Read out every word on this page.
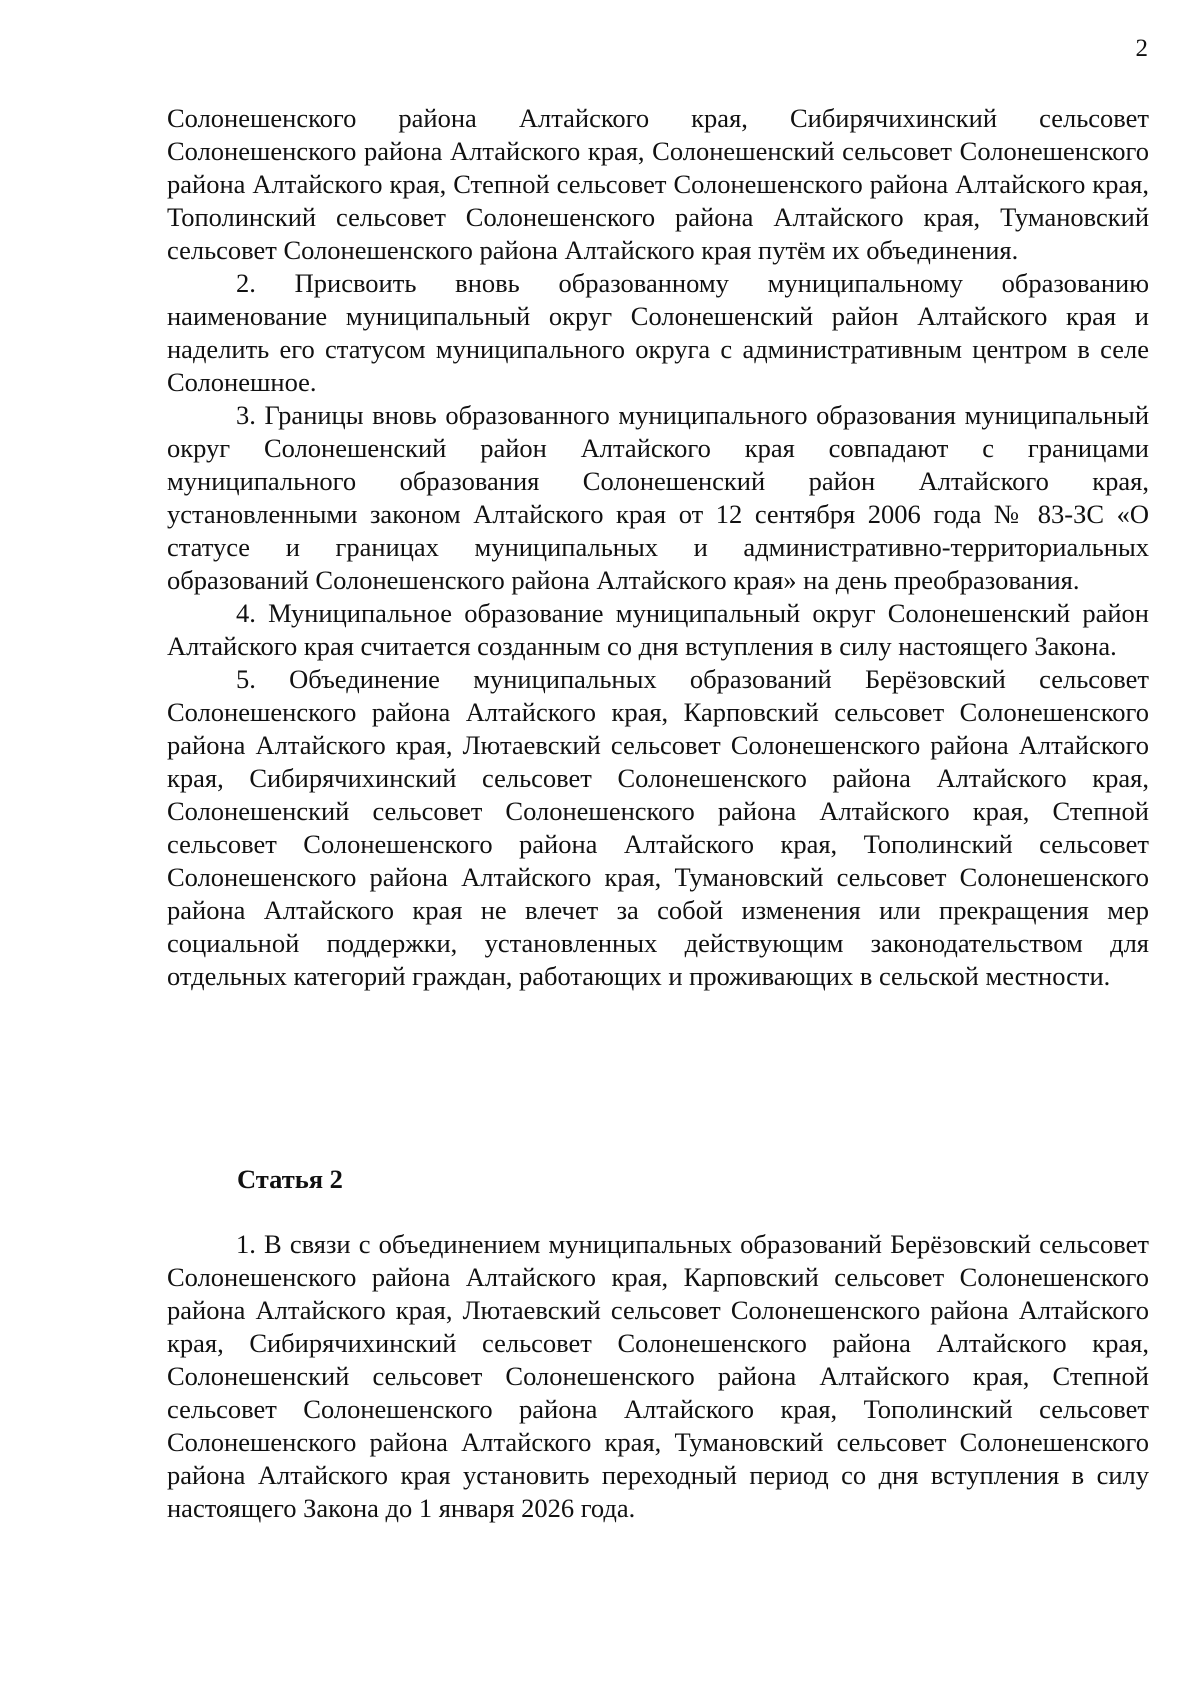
2

Солонешенского района Алтайского края, Сибирячихинский сельсовет Солонешенского района Алтайского края, Солонешенский сельсовет Солонешенского района Алтайского края, Степной сельсовет Солонешенского района Алтайского края, Тополинский сельсовет Солонешенского района Алтайского края, Тумановский сельсовет Солонешенского района Алтайского края путём их объединения.

2. Присвоить вновь образованному муниципальному образованию наименование муниципальный округ Солонешенский район Алтайского края и наделить его статусом муниципального округа с административным центром в селе Солонешное.

3. Границы вновь образованного муниципального образования муниципальный округ Солонешенский район Алтайского края совпадают с границами муниципального образования Солонешенский район Алтайского края, установленными законом Алтайского края от 12 сентября 2006 года № 83-ЗС «О статусе и границах муниципальных и административно-территориальных образований Солонешенского района Алтайского края» на день преобразования.

4. Муниципальное образование муниципальный округ Солонешенский район Алтайского края считается созданным со дня вступления в силу настоящего Закона.

5. Объединение муниципальных образований Берёзовский сельсовет Солонешенского района Алтайского края, Карповский сельсовет Солонешенского района Алтайского края, Лютаевский сельсовет Солонешенского района Алтайского края, Сибирячихинский сельсовет Солонешенского района Алтайского края, Солонешенский сельсовет Солонешенского района Алтайского края, Степной сельсовет Солонешенского района Алтайского края, Тополинский сельсовет Солонешенского района Алтайского края, Тумановский сельсовет Солонешенского района Алтайского края не влечет за собой изменения или прекращения мер социальной поддержки, установленных действующим законодательством для отдельных категорий граждан, работающих и проживающих в сельской местности.

Статья 2

1. В связи с объединением муниципальных образований Берёзовский сельсовет Солонешенского района Алтайского края, Карповский сельсовет Солонешенского района Алтайского края, Лютаевский сельсовет Солонешенского района Алтайского края, Сибирячихинский сельсовет Солонешенского района Алтайского края, Солонешенский сельсовет Солонешенского района Алтайского края, Степной сельсовет Солонешенского района Алтайского края, Тополинский сельсовет Солонешенского района Алтайского края, Тумановский сельсовет Солонешенского района Алтайского края установить переходный период со дня вступления в силу настоящего Закона до 1 января 2026 года.
